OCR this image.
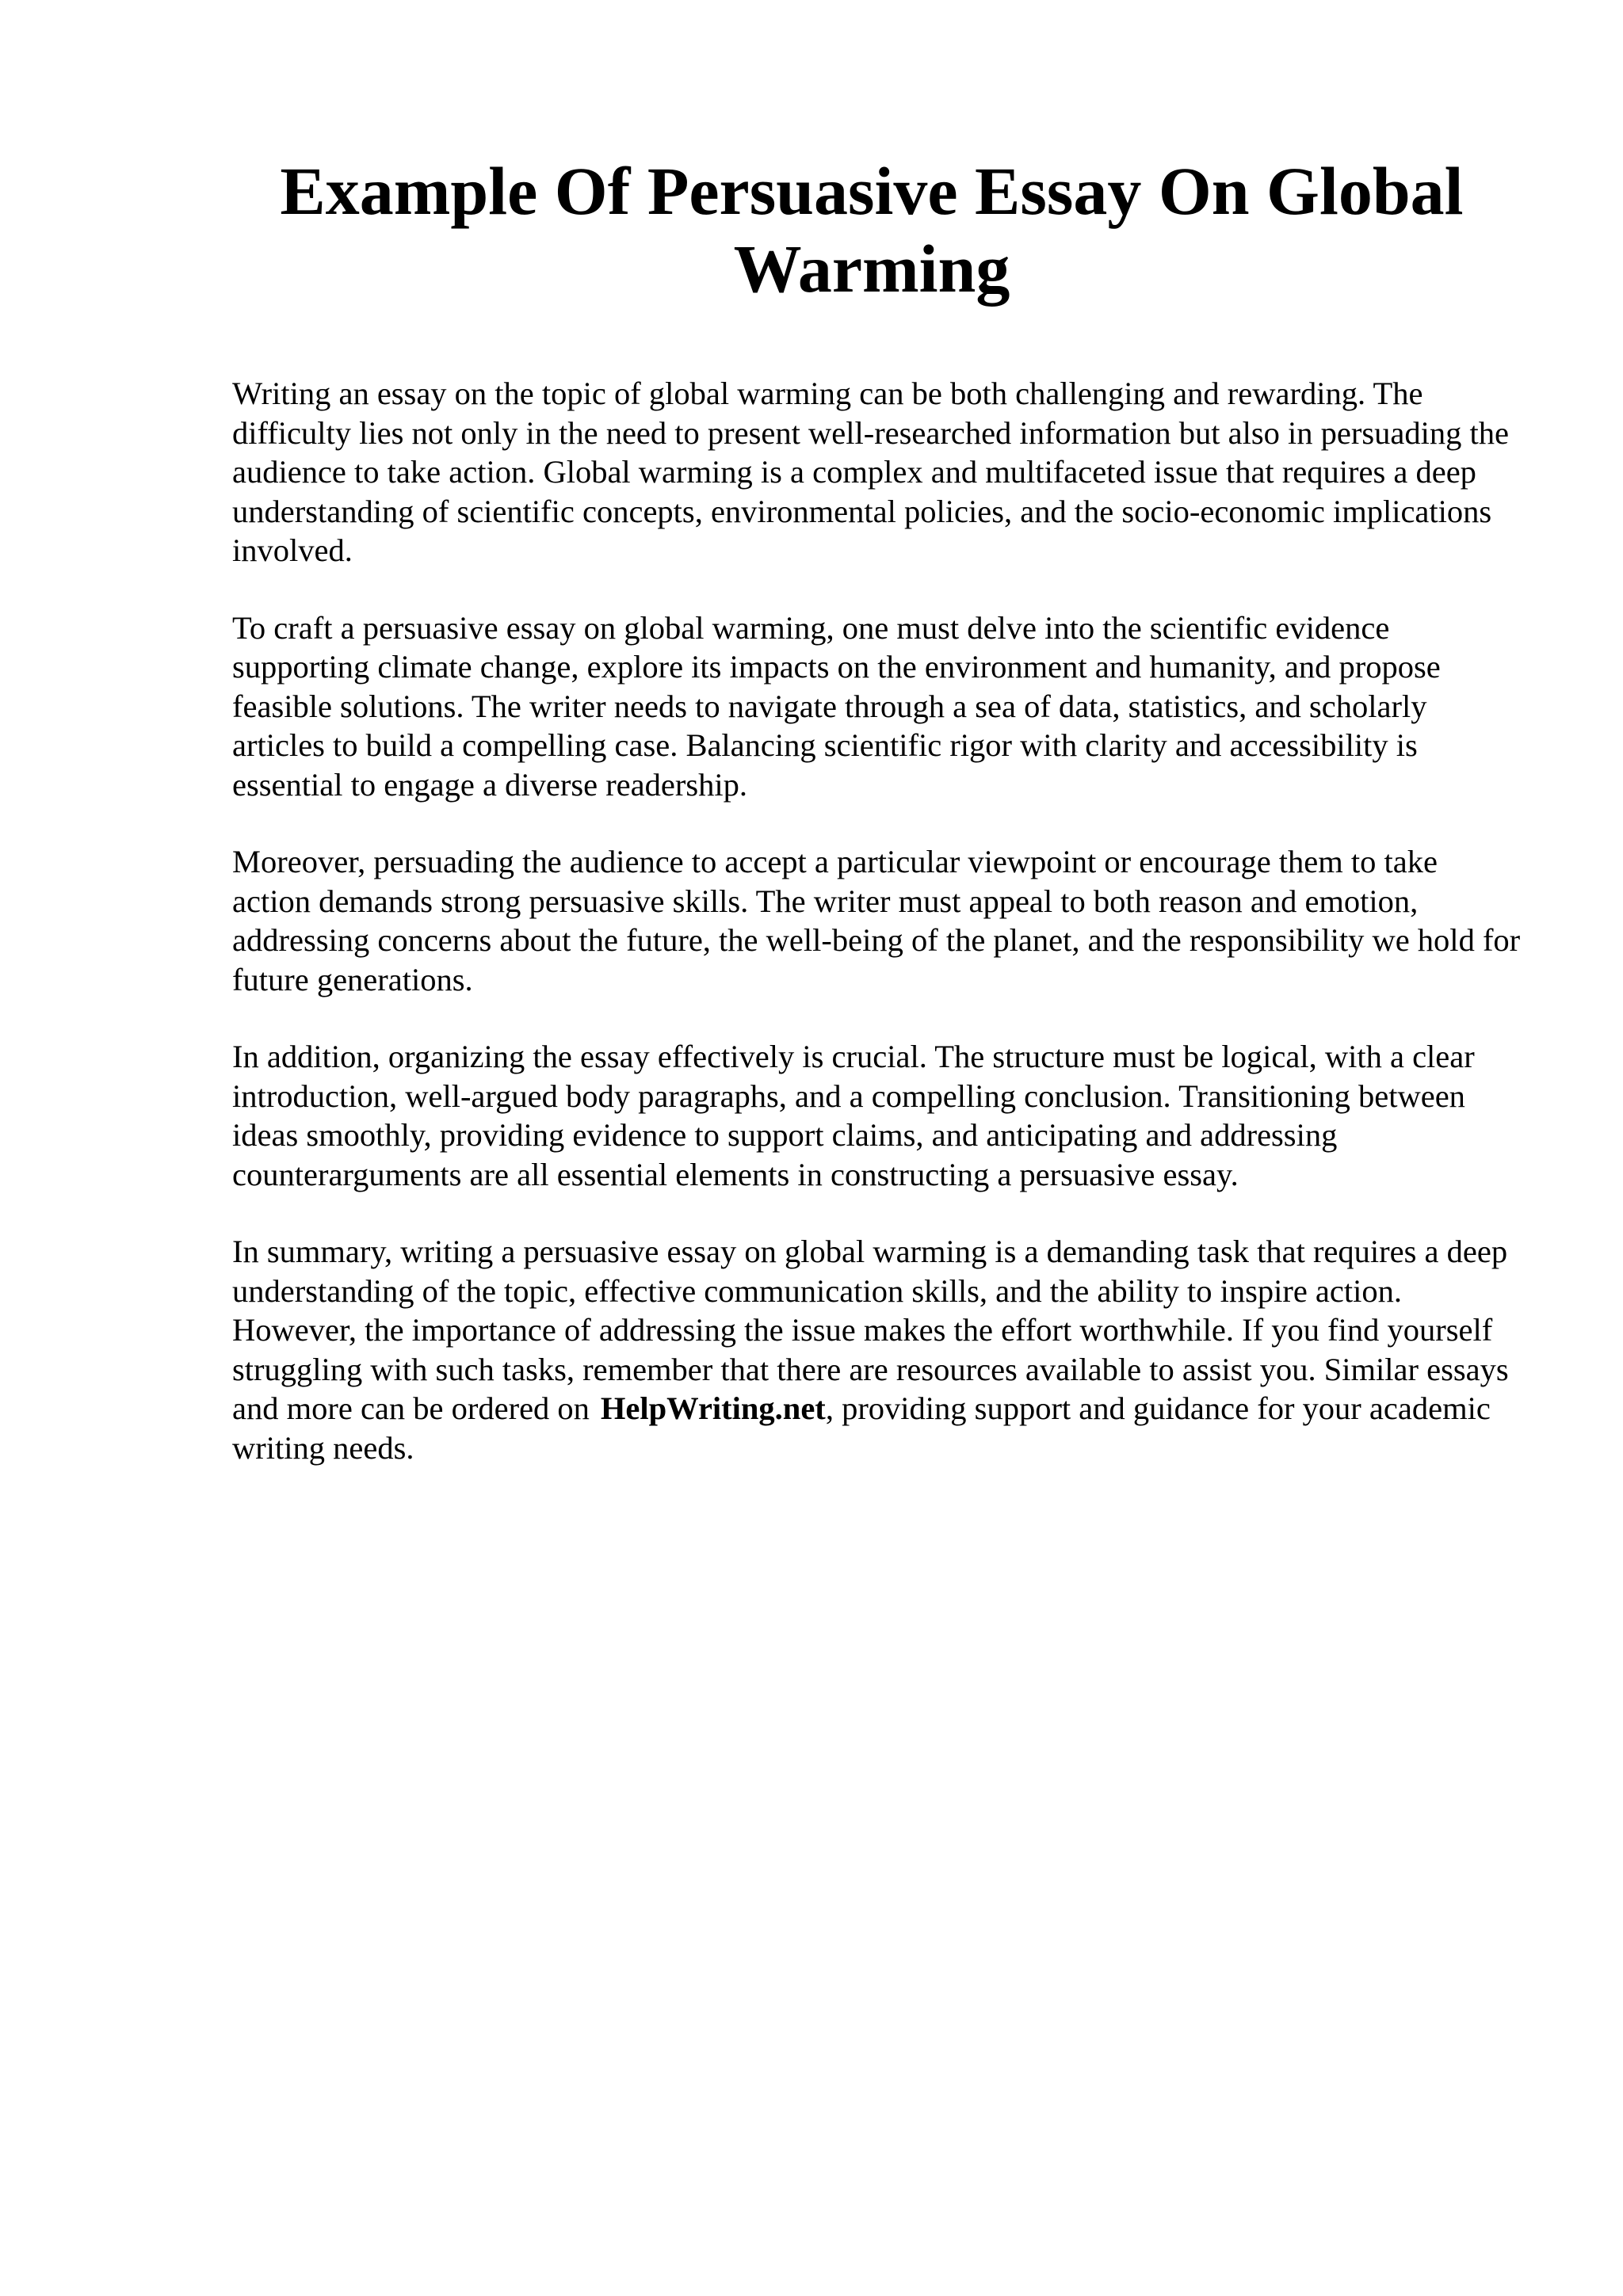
Example Of Persuasive Essay On Global Warming

Writing an essay on the topic of global warming can be both challenging and rewarding. The difficulty lies not only in the need to present well-researched information but also in persuading the audience to take action. Global warming is a complex and multifaceted issue that requires a deep understanding of scientific concepts, environmental policies, and the socio-economic implications involved.

To craft a persuasive essay on global warming, one must delve into the scientific evidence supporting climate change, explore its impacts on the environment and humanity, and propose feasible solutions. The writer needs to navigate through a sea of data, statistics, and scholarly articles to build a compelling case. Balancing scientific rigor with clarity and accessibility is essential to engage a diverse readership.

Moreover, persuading the audience to accept a particular viewpoint or encourage them to take action demands strong persuasive skills. The writer must appeal to both reason and emotion, addressing concerns about the future, the well-being of the planet, and the responsibility we hold for future generations.

In addition, organizing the essay effectively is crucial. The structure must be logical, with a clear introduction, well-argued body paragraphs, and a compelling conclusion. Transitioning between ideas smoothly, providing evidence to support claims, and anticipating and addressing counterarguments are all essential elements in constructing a persuasive essay.

In summary, writing a persuasive essay on global warming is a demanding task that requires a deep understanding of the topic, effective communication skills, and the ability to inspire action. However, the importance of addressing the issue makes the effort worthwhile. If you find yourself struggling with such tasks, remember that there are resources available to assist you. Similar essays and more can be ordered on HelpWriting.net, providing support and guidance for your academic writing needs.
